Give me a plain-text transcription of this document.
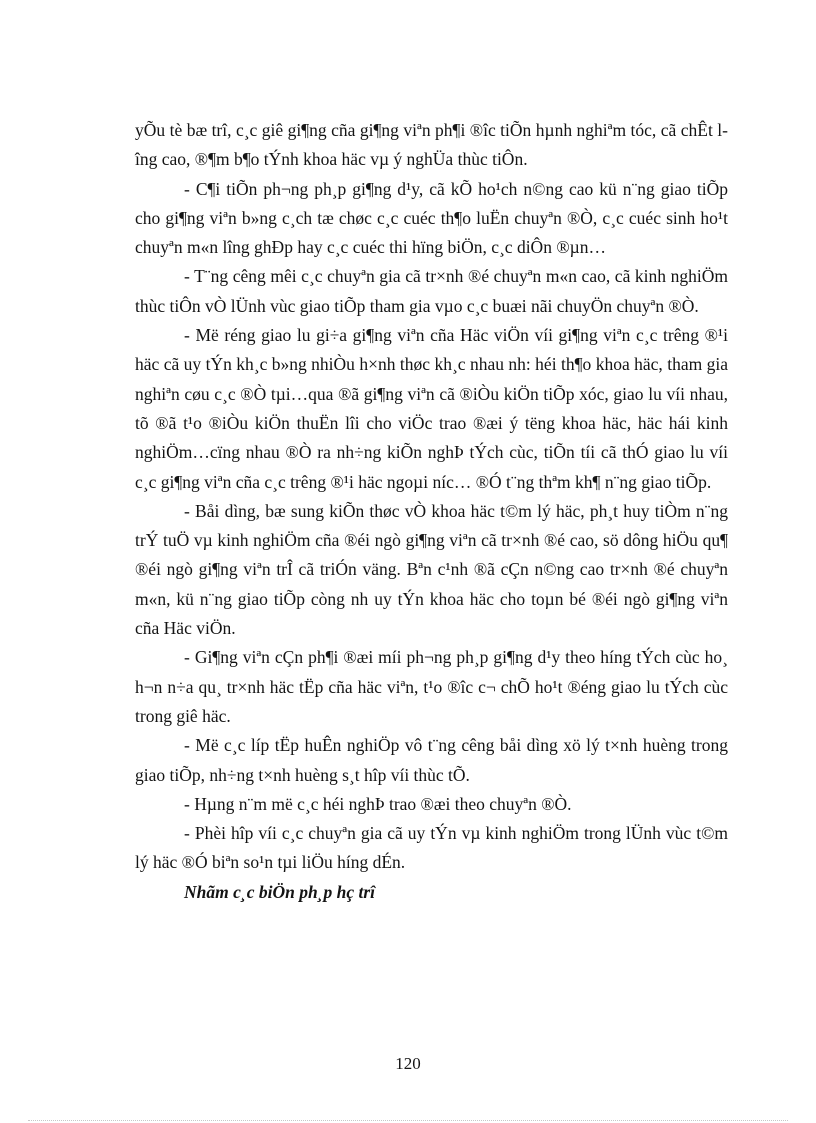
yÕu tè bæ trî, c¸c giê gi¶ng cña gi¶ng viªn ph¶i ®îc tiÕn hµnh nghiªm tóc, cã chÊt lîng cao, ®¶m b¶o tÝnh khoa häc vµ ý nghÜa thùc tiÔn.

- C¶i tiÕn ph¬ng ph¸p gi¶ng d¹y, cã kÕ ho¹ch n©ng cao kü n¨ng giao tiÕp cho gi¶ng viªn b»ng c¸ch tæ chøc c¸c cuéc th¶o luËn chuyªn ®Ò, c¸c cuéc sinh ho¹t chuyªn m«n lîng ghÐp hay c¸c cuéc thi hïng biÖn, c¸c diÔn ®µn…

- T¨ng cêng mêi c¸c chuyªn gia cã tr×nh ®é chuyªn m«n cao, cã kinh nghiÖm thùc tiÔn vÒ lÜnh vùc giao tiÕp tham gia vµo c¸c buæi nãi chuyÖn chuyªn ®Ò.

- Më réng giao lu gi÷a gi¶ng viªn cña Häc viÖn víi gi¶ng viªn c¸c trêng ®¹i häc cã uy tÝn kh¸c b»ng nhiÒu h×nh thøc kh¸c nhau nh: héi th¶o khoa häc, tham gia nghiªn cøu c¸c ®Ò tµi…qua ®ã gi¶ng viªn cã ®iÒu kiÖn tiÕp xóc, giao lu víi nhau, tõ ®ã t¹o ®iÒu kiÖn thuËn lîi cho viÖc trao ®æi ý tëng khoa häc, häc hái kinh nghiÖm…cïng nhau ®Ò ra nh÷ng kiÕn nghÞ tÝch cùc, tiÕn tíi cã thÓ giao lu víi c¸c gi¶ng viªn cña c¸c trêng ®¹i häc ngoµi níc… ®Ó t¨ng thªm kh¶ n¨ng giao tiÕp.

- Båi dìng, bæ sung kiÕn thøc vÒ khoa häc t©m lý häc, ph¸t huy tiÒm n¨ng trÝ tuÖ vµ kinh nghiÖm cña ®éi ngò gi¶ng viªn cã tr×nh ®é cao, sö dông hiÖu qu¶ ®éi ngò gi¶ng viªn trÎ cã triÓn väng. Bªn c¹nh ®ã cÇn n©ng cao tr×nh ®é chuyªn m«n, kü n¨ng giao tiÕp còng nh uy tÝn khoa häc cho toµn bé ®éi ngò gi¶ng viªn cña Häc viÖn.

- Gi¶ng viªn cÇn ph¶i ®æi míi ph¬ng ph¸p gi¶ng d¹y theo híng tÝch cùc ho¸ h¬n n÷a qu¸ tr×nh häc tËp cña häc viªn, t¹o ®îc c¬ chÕ ho¹t ®éng giao lu tÝch cùc trong giê häc.

- Më c¸c líp tËp huÊn nghiÖp vô t¨ng cêng båi dìng xö lý t×nh huèng trong giao tiÕp, nh÷ng t×nh huèng s¸t hîp víi thùc tÕ.

- Hµng n¨m më c¸c héi nghÞ trao ®æi theo chuyªn ®Ò.

- Phèi hîp víi c¸c chuyªn gia cã uy tÝn vµ kinh nghiÖm trong lÜnh vùc t©m lý häc ®Ó biªn so¹n tµi liÖu híng dÉn.

Nhãm c¸c biÖn ph¸p hç trî

120
